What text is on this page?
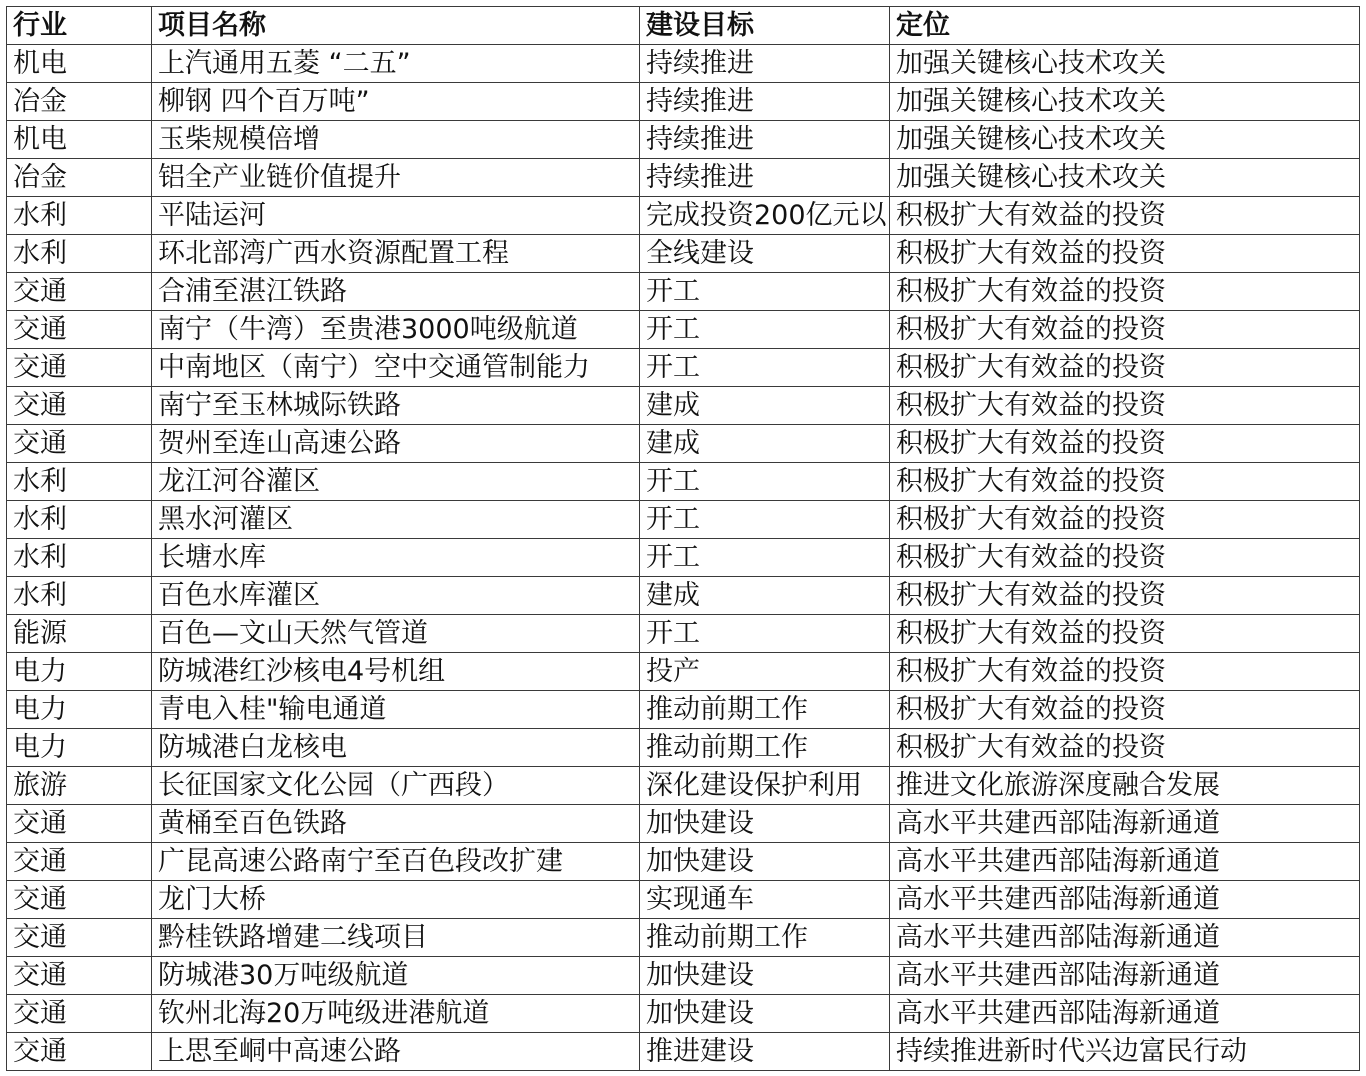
行业	项目名称	建设目标	定位
机电	上汽通用五菱 “二五”	持续推进	加强关键核心技术攻关
冶金	柳钢 四个百万吨”	持续推进	加强关键核心技术攻关
机电	玉柴规模倍增	持续推进	加强关键核心技术攻关
冶金	铝全产业链价值提升	持续推进	加强关键核心技术攻关
水利	平陆运河	完成投资200亿元以	积极扩大有效益的投资
水利	环北部湾广西水资源配置工程	全线建设	积极扩大有效益的投资
交通	合浦至湛江铁路	开工	积极扩大有效益的投资
交通	南宁（牛湾）至贵港3000吨级航道	开工	积极扩大有效益的投资
交通	中南地区（南宁）空中交通管制能力	开工	积极扩大有效益的投资
交通	南宁至玉林城际铁路	建成	积极扩大有效益的投资
交通	贺州至连山高速公路	建成	积极扩大有效益的投资
水利	龙江河谷灌区	开工	积极扩大有效益的投资
水利	黑水河灌区	开工	积极扩大有效益的投资
水利	长塘水库	开工	积极扩大有效益的投资
水利	百色水库灌区	建成	积极扩大有效益的投资
能源	百色—文山天然气管道	开工	积极扩大有效益的投资
电力	防城港红沙核电4号机组	投产	积极扩大有效益的投资
电力	青电入桂"输电通道	推动前期工作	积极扩大有效益的投资
电力	防城港白龙核电	推动前期工作	积极扩大有效益的投资
旅游	长征国家文化公园（广西段）	深化建设保护利用	推进文化旅游深度融合发展
交通	黄桶至百色铁路	加快建设	高水平共建西部陆海新通道
交通	广昆高速公路南宁至百色段改扩建	加快建设	高水平共建西部陆海新通道
交通	龙门大桥	实现通车	高水平共建西部陆海新通道
交通	黔桂铁路增建二线项目	推动前期工作	高水平共建西部陆海新通道
交通	防城港30万吨级航道	加快建设	高水平共建西部陆海新通道
交通	钦州北海20万吨级进港航道	加快建设	高水平共建西部陆海新通道
交通	上思至峒中高速公路	推进建设	持续推进新时代兴边富民行动
